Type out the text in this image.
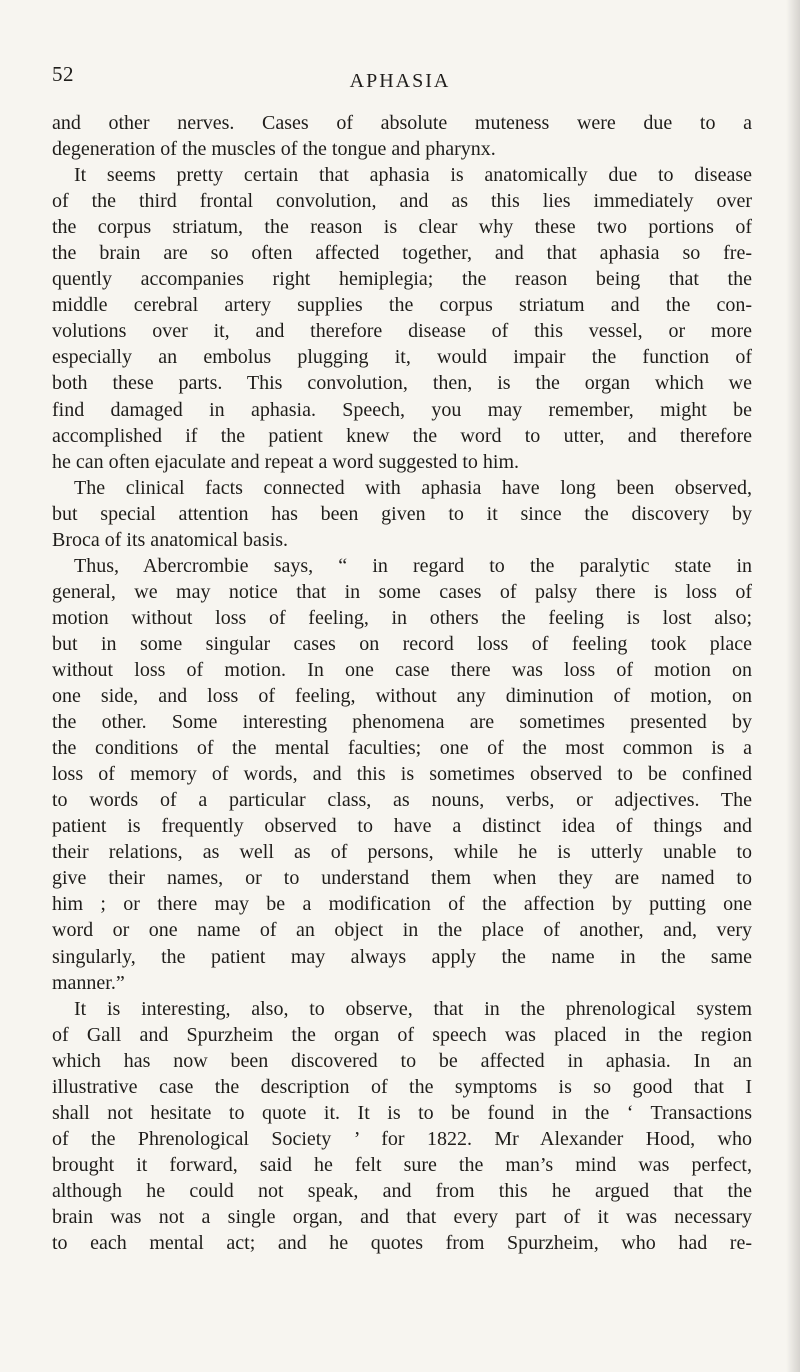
52	APHASIA
and other nerves. Cases of absolute muteness were due to a
degeneration of the muscles of the tongue and pharynx.
It seems pretty certain that aphasia is anatomically due to disease
of the third frontal convolution, and as this lies immediately over
the corpus striatum, the reason is clear why these two portions of
the brain are so often affected together, and that aphasia so fre-
quently accompanies right hemiplegia; the reason being that the
middle cerebral artery supplies the corpus striatum and the con-
volutions over it, and therefore disease of this vessel, or more
especially an embolus plugging it, would impair the function of
both these parts. This convolution, then, is the organ which we
find damaged in aphasia. Speech, you may remember, might be
accomplished if the patient knew the word to utter, and therefore
he can often ejaculate and repeat a word suggested to him.
The clinical facts connected with aphasia have long been observed,
but special attention has been given to it since the discovery by
Broca of its anatomical basis.
Thus, Abercrombie says, “ in regard to the paralytic state in
general, we may notice that in some cases of palsy there is loss of
motion without loss of feeling, in others the feeling is lost also;
but in some singular cases on record loss of feeling took place
without loss of motion. In one case there was loss of motion on
one side, and loss of feeling, without any diminution of motion, on
the other. Some interesting phenomena are sometimes presented by
the conditions of the mental faculties; one of the most common is a
loss of memory of words, and this is sometimes observed to be confined
to words of a particular class, as nouns, verbs, or adjectives. The
patient is frequently observed to have a distinct idea of things and
their relations, as well as of persons, while he is utterly unable to
give their names, or to understand them when they are named to
him ; or there may be a modification of the affection by putting one
word or one name of an object in the place of another, and, very
singularly, the patient may always apply the name in the same
manner.”
It is interesting, also, to observe, that in the phrenological system
of Gall and Spurzheim the organ of speech was placed in the region
which has now been discovered to be affected in aphasia. In an
illustrative case the description of the symptoms is so good that I
shall not hesitate to quote it. It is to be found in the ‘ Transactions
of the Phrenological Society ’ for 1822. Mr Alexander Hood, who
brought it forward, said he felt sure the man’s mind was perfect,
although he could not speak, and from this he argued that the
brain was not a single organ, and that every part of it was necessary
to each mental act; and he quotes from Spurzheim, who had re-
